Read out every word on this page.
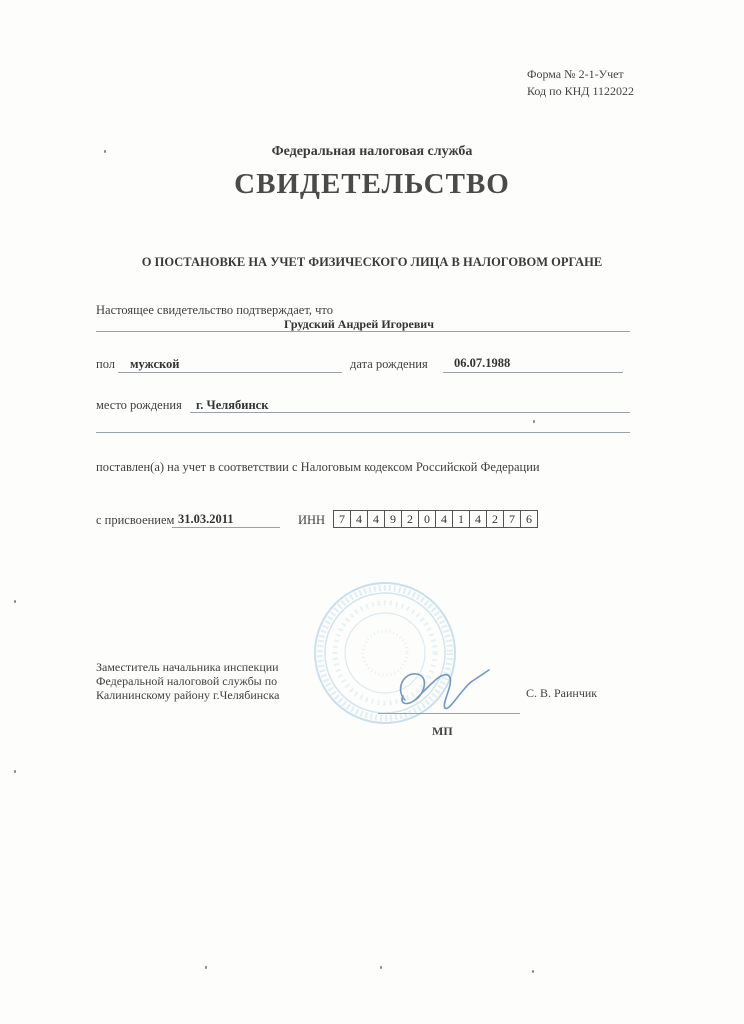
Форма № 2-1-Учет
Код по КНД 1122022
Федеральная налоговая служба
СВИДЕТЕЛЬСТВО
О ПОСТАНОВКЕ НА УЧЕТ ФИЗИЧЕСКОГО ЛИЦА В НАЛОГОВОМ ОРГАНЕ
Настоящее свидетельство подтверждает, что
Грудский Андрей Игоревич
пол мужской	дата рождения 06.07.1988
место рождения г. Челябинск
поставлен(а) на учет в соответствии с Налоговым кодексом Российской Федерации
с присвоением 31.03.2011	ИНН	7 4 4 9 2 0 4 1 4 2 7 6
Заместитель начальника инспекции
Федеральной налоговой службы по
Калининскому району г.Челябинска	С. В. Раинчик
МП
